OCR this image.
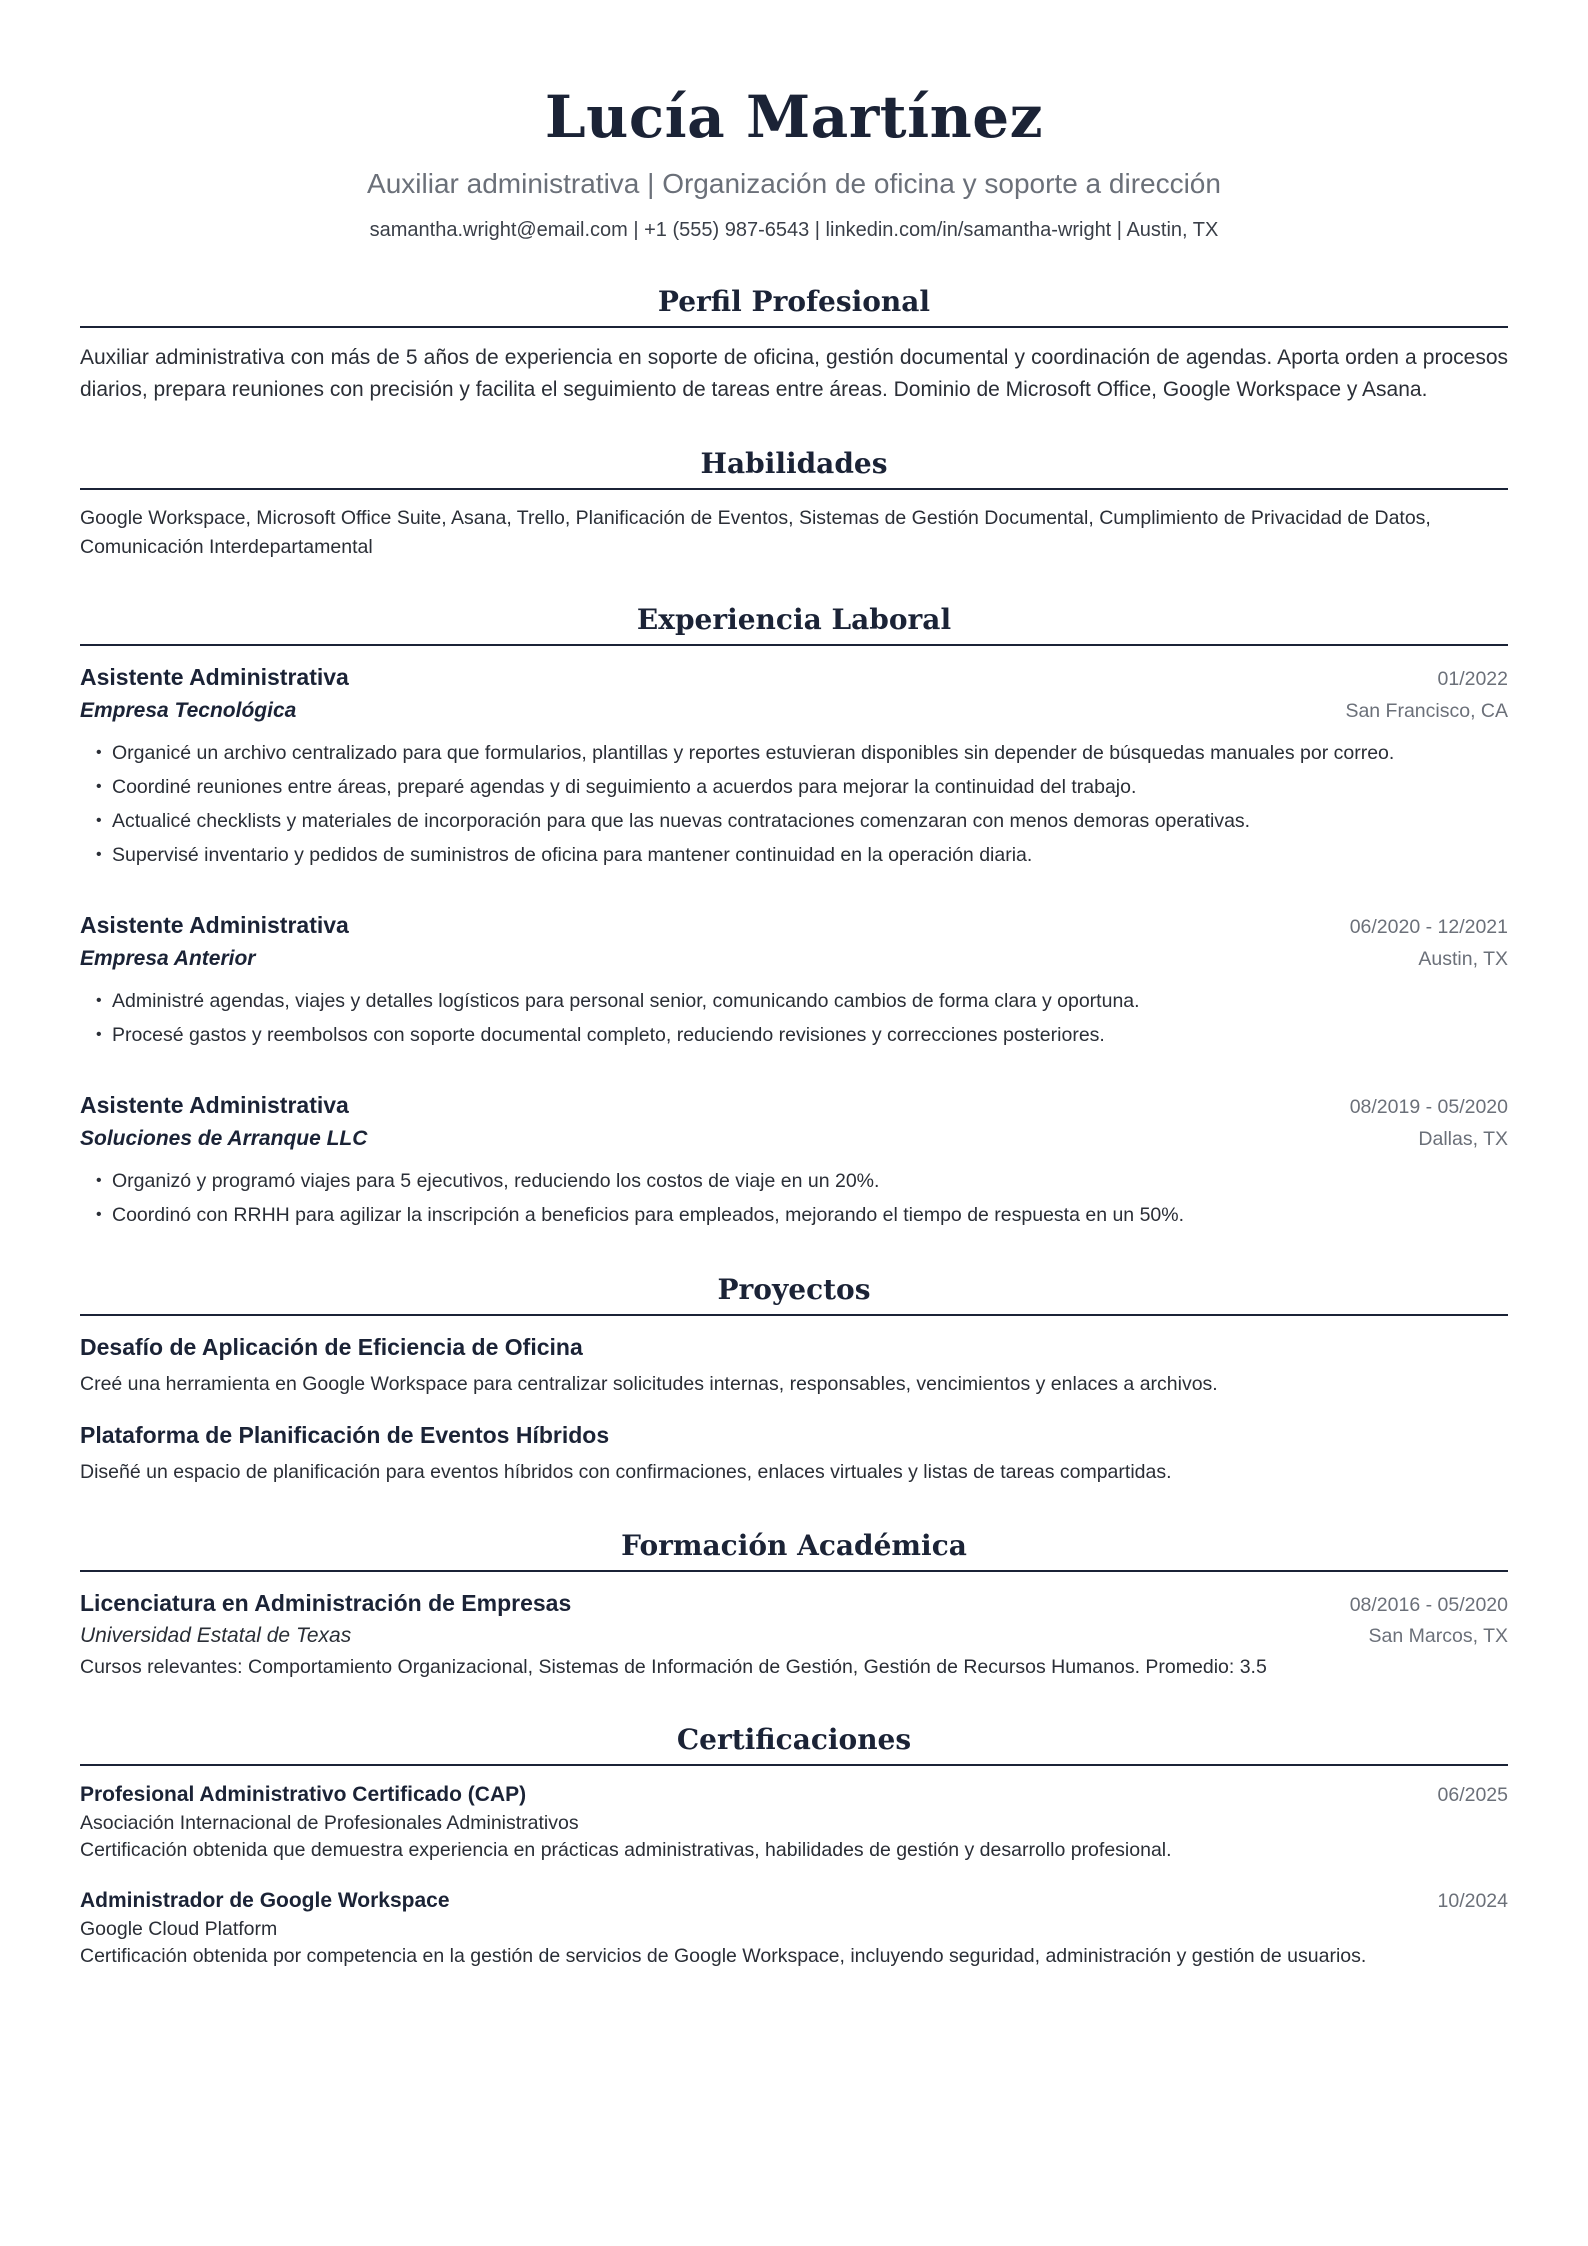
Lucía Martínez
Auxiliar administrativa | Organización de oficina y soporte a dirección
samantha.wright@email.com | +1 (555) 987-6543 | linkedin.com/in/samantha-wright | Austin, TX
Perfil Profesional

Auxiliar administrativa con más de 5 años de experiencia en soporte de oficina, gestión documental y coordinación de agendas. Aporta orden a procesos diarios, prepara reuniones con precisión y facilita el seguimiento de tareas entre áreas. Dominio de Microsoft Office, Google Workspace y Asana.

Habilidades

Google Workspace, Microsoft Office Suite, Asana, Trello, Planificación de Eventos, Sistemas de Gestión Documental, Cumplimiento de Privacidad de Datos, Comunicación Interdepartamental

Experiencia Laboral
Asistente Administrativa	01/2022
Empresa Tecnológica	San Francisco, CA
• Organicé un archivo centralizado para que formularios, plantillas y reportes estuvieran disponibles sin depender de búsquedas manuales por correo.
• Coordiné reuniones entre áreas, preparé agendas y di seguimiento a acuerdos para mejorar la continuidad del trabajo.
• Actualicé checklists y materiales de incorporación para que las nuevas contrataciones comenzaran con menos demoras operativas.
• Supervisé inventario y pedidos de suministros de oficina para mantener continuidad en la operación diaria.
Asistente Administrativa	06/2020 - 12/2021
Empresa Anterior	Austin, TX
• Administré agendas, viajes y detalles logísticos para personal senior, comunicando cambios de forma clara y oportuna.
• Procesé gastos y reembolsos con soporte documental completo, reduciendo revisiones y correcciones posteriores.
Asistente Administrativa	08/2019 - 05/2020
Soluciones de Arranque LLC	Dallas, TX
• Organizó y programó viajes para 5 ejecutivos, reduciendo los costos de viaje en un 20%.
• Coordinó con RRHH para agilizar la inscripción a beneficios para empleados, mejorando el tiempo de respuesta en un 50%.
Proyectos
Desafío de Aplicación de Eficiencia de Oficina
Creé una herramienta en Google Workspace para centralizar solicitudes internas, responsables, vencimientos y enlaces a archivos.
Plataforma de Planificación de Eventos Híbridos
Diseñé un espacio de planificación para eventos híbridos con confirmaciones, enlaces virtuales y listas de tareas compartidas.
Formación Académica
Licenciatura en Administración de Empresas	08/2016 - 05/2020
Universidad Estatal de Texas	San Marcos, TX
Cursos relevantes: Comportamiento Organizacional, Sistemas de Información de Gestión, Gestión de Recursos Humanos. Promedio: 3.5
Certificaciones
Profesional Administrativo Certificado (CAP)	06/2025
Asociación Internacional de Profesionales Administrativos
Certificación obtenida que demuestra experiencia en prácticas administrativas, habilidades de gestión y desarrollo profesional.
Administrador de Google Workspace	10/2024
Google Cloud Platform
Certificación obtenida por competencia en la gestión de servicios de Google Workspace, incluyendo seguridad, administración y gestión de usuarios.
